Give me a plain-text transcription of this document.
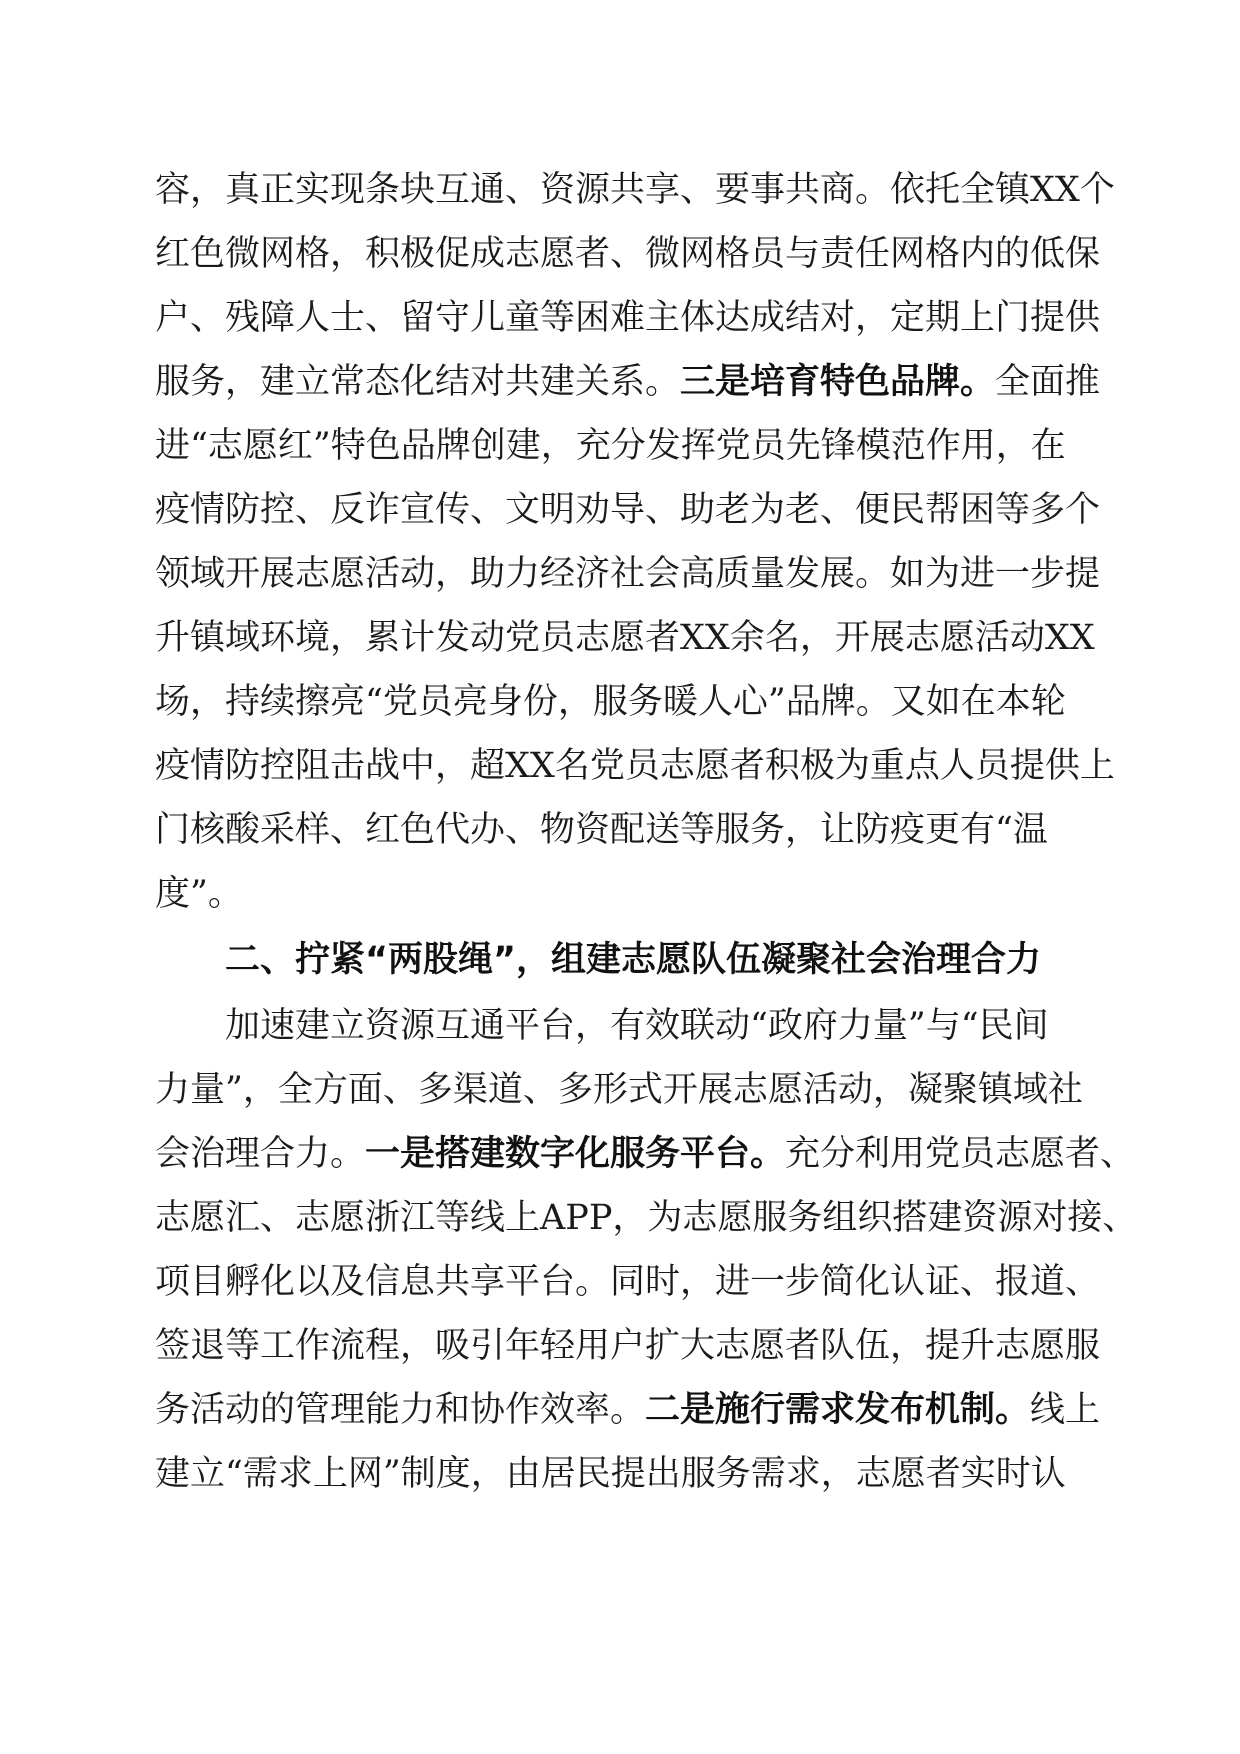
容，真正实现条块互通、资源共享、要事共商。依托全镇XX个
红色微网格，积极促成志愿者、微网格员与责任网格内的低保
户、残障人士、留守儿童等困难主体达成结对，定期上门提供
服务，建立常态化结对共建关系。三是培育特色品牌。全面推
进“志愿红”特色品牌创建，充分发挥党员先锋模范作用，在
疫情防控、反诈宣传、文明劝导、助老为老、便民帮困等多个
领域开展志愿活动，助力经济社会高质量发展。如为进一步提
升镇域环境，累计发动党员志愿者XX余名，开展志愿活动XX
场，持续擦亮“党员亮身份，服务暖人心”品牌。又如在本轮
疫情防控阻击战中，超XX名党员志愿者积极为重点人员提供上
门核酸采样、红色代办、物资配送等服务，让防疫更有“温
度”。
二、拧紧“两股绳”，组建志愿队伍凝聚社会治理合力
加速建立资源互通平台，有效联动“政府力量”与“民间
力量”，全方面、多渠道、多形式开展志愿活动，凝聚镇域社
会治理合力。一是搭建数字化服务平台。充分利用党员志愿者、
志愿汇、志愿浙江等线上APP，为志愿服务组织搭建资源对接、
项目孵化以及信息共享平台。同时，进一步简化认证、报道、
签退等工作流程，吸引年轻用户扩大志愿者队伍，提升志愿服
务活动的管理能力和协作效率。二是施行需求发布机制。线上
建立“需求上网”制度，由居民提出服务需求，志愿者实时认
